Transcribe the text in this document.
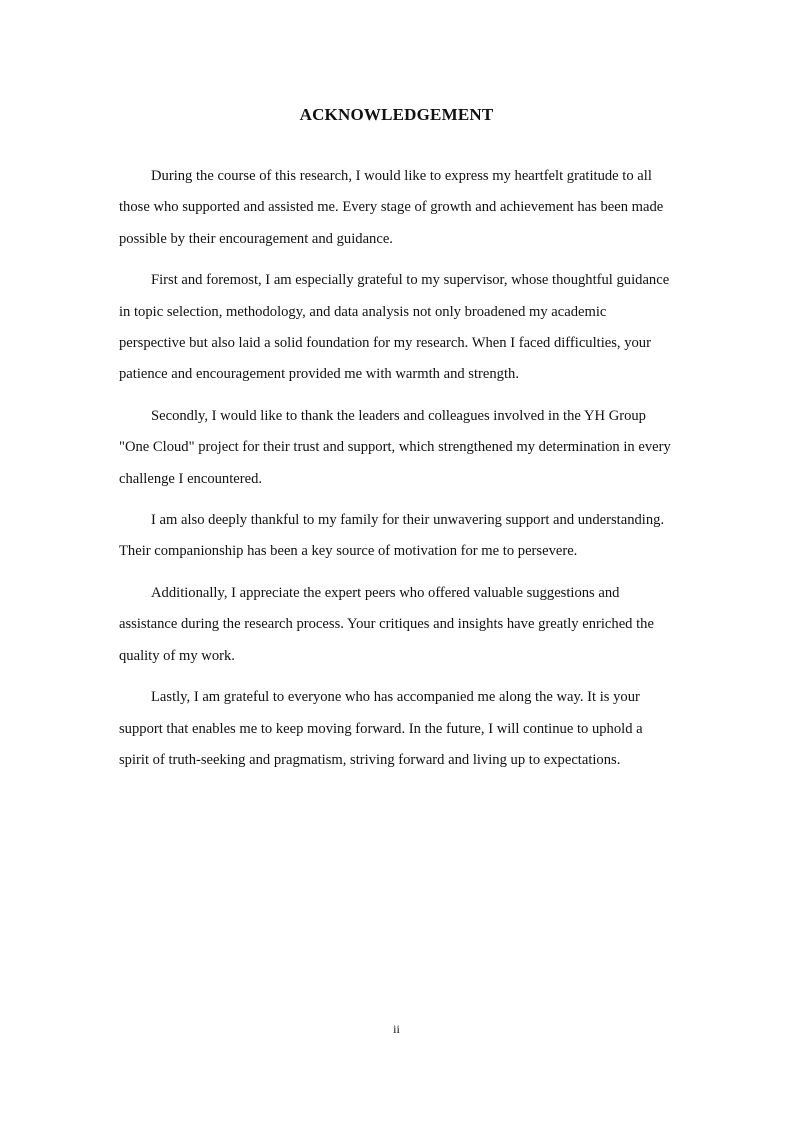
ACKNOWLEDGEMENT

During the course of this research, I would like to express my heartfelt gratitude to all those who supported and assisted me. Every stage of growth and achievement has been made possible by their encouragement and guidance.

First and foremost, I am especially grateful to my supervisor, whose thoughtful guidance in topic selection, methodology, and data analysis not only broadened my academic perspective but also laid a solid foundation for my research. When I faced difficulties, your patience and encouragement provided me with warmth and strength.

Secondly, I would like to thank the leaders and colleagues involved in the YH Group "One Cloud" project for their trust and support, which strengthened my determination in every challenge I encountered.

I am also deeply thankful to my family for their unwavering support and understanding. Their companionship has been a key source of motivation for me to persevere.

Additionally, I appreciate the expert peers who offered valuable suggestions and assistance during the research process. Your critiques and insights have greatly enriched the quality of my work.

Lastly, I am grateful to everyone who has accompanied me along the way. It is your support that enables me to keep moving forward. In the future, I will continue to uphold a spirit of truth-seeking and pragmatism, striving forward and living up to expectations.

ii
